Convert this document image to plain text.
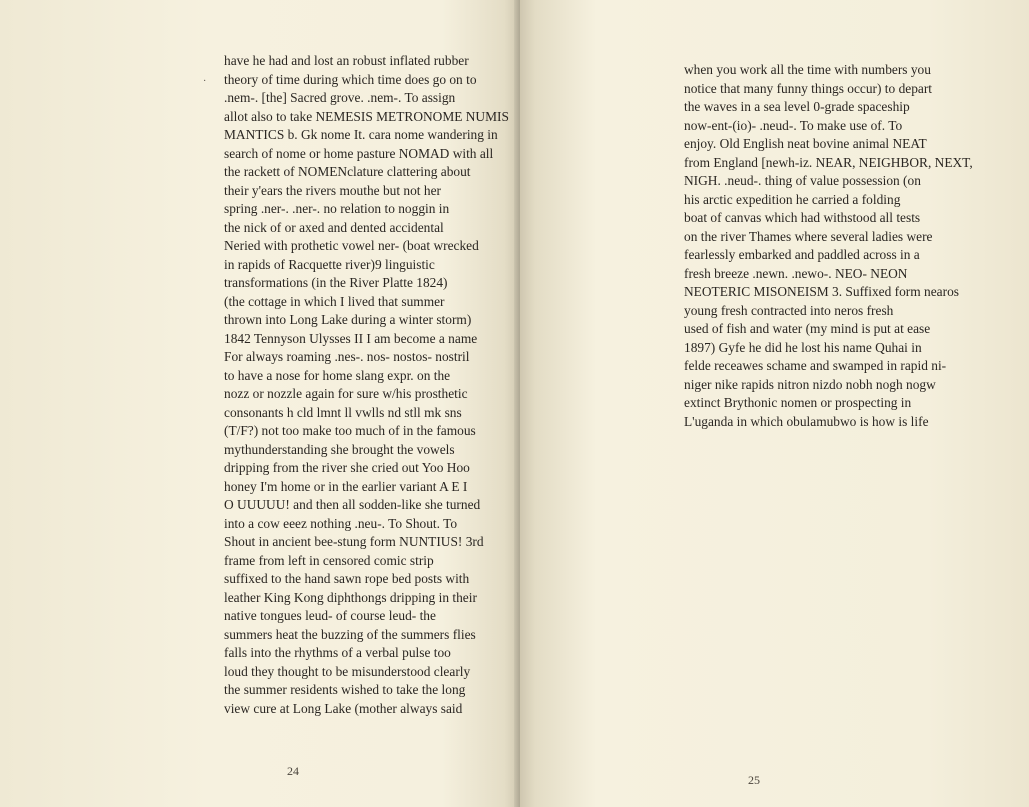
·
have he had and lost an robust inflated rubber
theory of time during which time does go on to
.nem-. [the] Sacred grove. .nem-. To assign
allot also to take NEMESIS METRONOME NUMIS
MANTICS b. Gk nome It. cara nome wandering in
search of nome or home pasture NOMAD with all
the rackett of NOMENclature clattering about
their y'ears the rivers mouthe but not her
spring .ner-. .ner-. no relation to noggin in
the nick of or axed and dented accidental
Neried with prothetic vowel ner- (boat wrecked
in rapids of Racquette river)9 linguistic
transformations (in the River Platte 1824)
(the cottage in which I lived that summer
thrown into Long Lake during a winter storm)
1842 Tennyson Ulysses II I am become a name
For always roaming .nes-. nos- nostos- nostril
to have a nose for home slang expr. on the
nozz or nozzle again for sure w/his prosthetic
consonants h cld lmnt ll vwlls nd stll mk sns
(T/F?) not too make too much of in the famous
mythunderstanding she brought the vowels
dripping from the river she cried out Yoo Hoo
honey I'm home or in the earlier variant A E I
O UUUUU! and then all sodden-like she turned
into a cow eeez nothing .neu-. To Shout. To
Shout in ancient bee-stung form NUNTIUS! 3rd
frame from left in censored comic strip
suffixed to the hand sawn rope bed posts with
leather King Kong diphthongs dripping in their
native tongues leud- of course leud- the
summers heat the buzzing of the summers flies
falls into the rhythms of a verbal pulse too
loud they thought to be misunderstood clearly
the summer residents wished to take the long
view cure at Long Lake (mother always said
24

when you work all the time with numbers you
notice that many funny things occur) to depart
the waves in a sea level 0-grade spaceship
now-ent-(io)- .neud-. To make use of. To
enjoy. Old English neat bovine animal NEAT
from England [newh-iz. NEAR, NEIGHBOR, NEXT,
NIGH. .neud-. thing of value possession (on
his arctic expedition he carried a folding
boat of canvas which had withstood all tests
on the river Thames where several ladies were
fearlessly embarked and paddled across in a
fresh breeze .newn. .newo-. NEO- NEON
NEOTERIC MISONEISM 3. Suffixed form nearos
young fresh contracted into neros fresh
used of fish and water (my mind is put at ease
1897) Gyfe he did he lost his name Quhai in
felde receawes schame and swamped in rapid ni-
niger nike rapids nitron nizdo nobh nogh nogw
extinct Brythonic nomen or prospecting in
L'uganda in which obulamubwo is how is life
25
